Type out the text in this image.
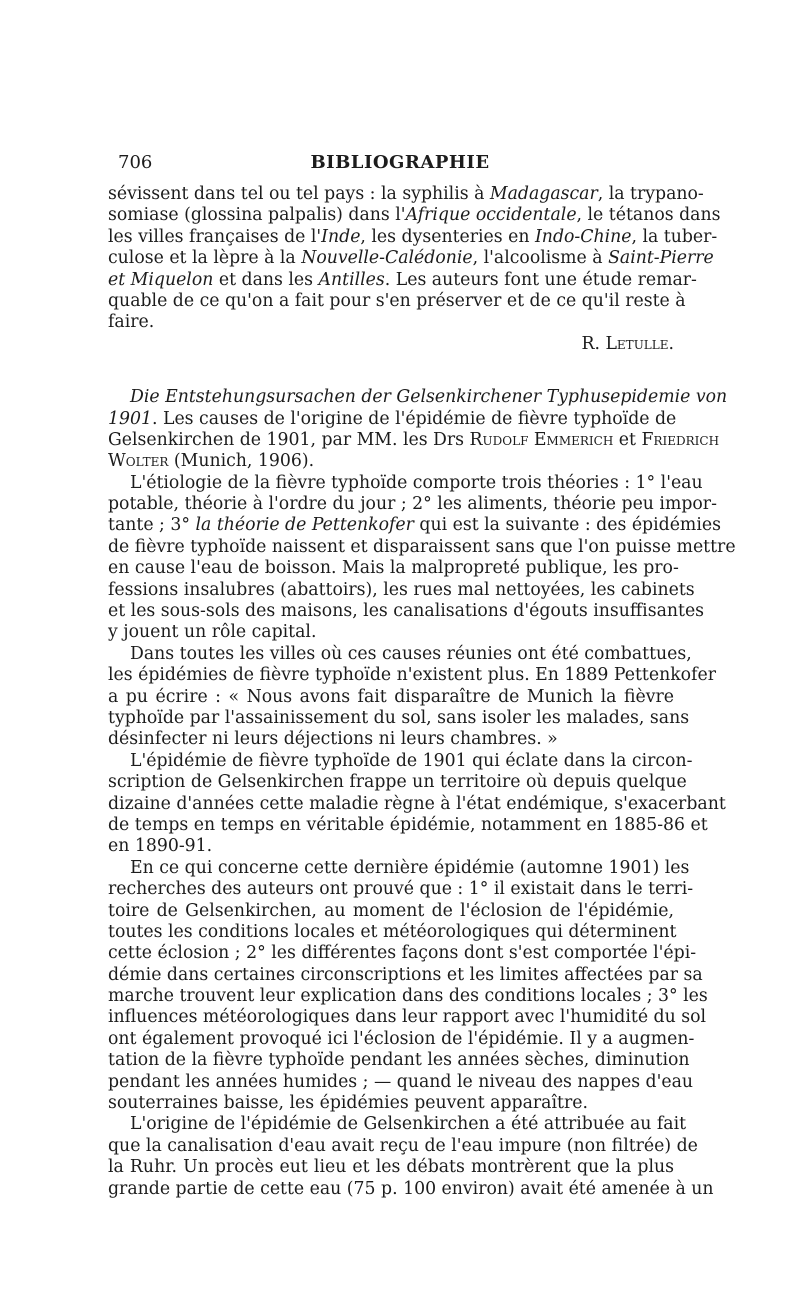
706	BIBLIOGRAPHIE
sévissent dans tel ou tel pays : la syphilis à Madagascar, la trypano-
somiase (glossina palpalis) dans l'Afrique occidentale, le tétanos dans
les villes françaises de l'Inde, les dysenteries en Indo-Chine, la tuber-
culose et la lèpre à la Nouvelle-Calédonie, l'alcoolisme à Saint-Pierre
et Miquelon et dans les Antilles. Les auteurs font une étude remar-
quable de ce qu'on a fait pour s'en préserver et de ce qu'il reste à
faire.
R. Letulle.
Die Entstehungsursachen der Gelsenkirchener Typhusepidemie von
1901. Les causes de l'origine de l'épidémie de fièvre typhoïde de
Gelsenkirchen de 1901, par MM. les Drs Rudolf Emmerich et Friedrich
Wolter (Munich, 1906).

L'étiologie de la fièvre typhoïde comporte trois théories : 1° l'eau
potable, théorie à l'ordre du jour ; 2° les aliments, théorie peu impor-
tante ; 3° la théorie de Pettenkofer qui est la suivante : des épidémies
de fièvre typhoïde naissent et disparaissent sans que l'on puisse mettre
en cause l'eau de boisson. Mais la malpropreté publique, les pro-
fessions insalubres (abattoirs), les rues mal nettoyées, les cabinets
et les sous-sols des maisons, les canalisations d'égouts insuffisantes
y jouent un rôle capital.

Dans toutes les villes où ces causes réunies ont été combattues,
les épidémies de fièvre typhoïde n'existent plus. En 1889 Pettenkofer
a pu écrire : « Nous avons fait disparaître de Munich la fièvre
typhoïde par l'assainissement du sol, sans isoler les malades, sans
désinfecter ni leurs déjections ni leurs chambres. »

L'épidémie de fièvre typhoïde de 1901 qui éclate dans la circon-
scription de Gelsenkirchen frappe un territoire où depuis quelque
dizaine d'années cette maladie règne à l'état endémique, s'exacerbant
de temps en temps en véritable épidémie, notamment en 1885-86 et
en 1890-91.

En ce qui concerne cette dernière épidémie (automne 1901) les
recherches des auteurs ont prouvé que : 1° il existait dans le terri-
toire de Gelsenkirchen, au moment de l'éclosion de l'épidémie,
toutes les conditions locales et météorologiques qui déterminent
cette éclosion ; 2° les différentes façons dont s'est comportée l'épi-
démie dans certaines circonscriptions et les limites affectées par sa
marche trouvent leur explication dans des conditions locales ; 3° les
influences météorologiques dans leur rapport avec l'humidité du sol
ont également provoqué ici l'éclosion de l'épidémie. Il y a augmen-
tation de la fièvre typhoïde pendant les années sèches, diminution
pendant les années humides ; — quand le niveau des nappes d'eau
souterraines baisse, les épidémies peuvent apparaître.

L'origine de l'épidémie de Gelsenkirchen a été attribuée au fait
que la canalisation d'eau avait reçu de l'eau impure (non filtrée) de
la Ruhr. Un procès eut lieu et les débats montrèrent que la plus
grande partie de cette eau (75 p. 100 environ) avait été amenée à un
